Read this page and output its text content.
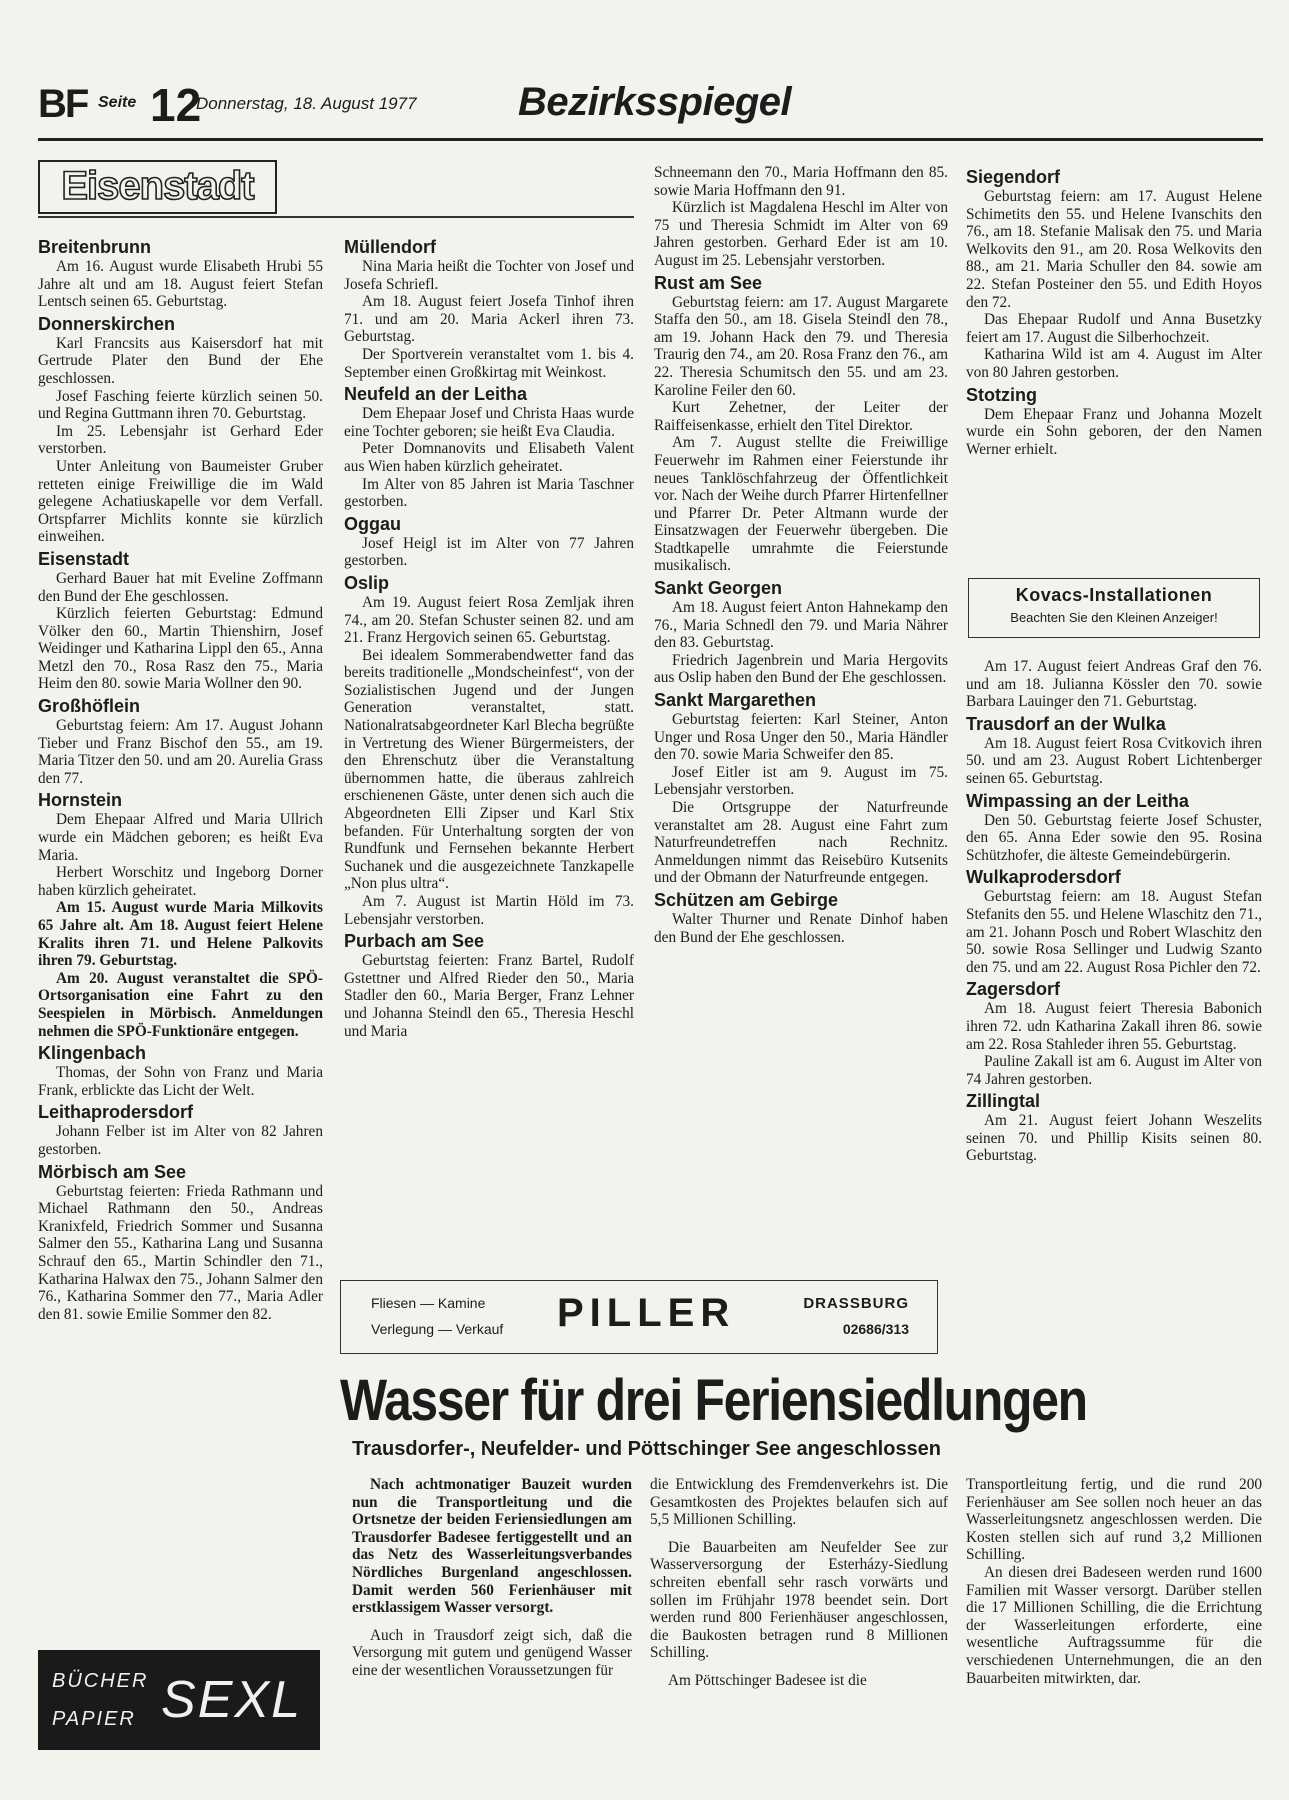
BF Seite 12
Donnerstag, 18. August 1977	Bezirksspiegel
Eisenstadt
Breitenbrunn

Am 16. August wurde Elisabeth Hrubi 55 Jahre alt und am 18. August feiert Stefan Lentsch seinen 65. Geburtstag.

Donnerskirchen

Karl Francsits aus Kaisersdorf hat mit Gertrude Plater den Bund der Ehe geschlossen.

Josef Fasching feierte kürzlich seinen 50. und Regina Guttmann ihren 70. Geburtstag.

Im 25. Lebensjahr ist Gerhard Eder verstorben.

Unter Anleitung von Baumeister Gruber retteten einige Freiwillige die im Wald gelegene Achatiuskapelle vor dem Verfall. Ortspfarrer Michlits konnte sie kürzlich einweihen.

Eisenstadt

Gerhard Bauer hat mit Eveline Zoffmann den Bund der Ehe geschlossen.

Kürzlich feierten Geburtstag: Edmund Völker den 60., Martin Thienshirn, Josef Weidinger und Katharina Lippl den 65., Anna Metzl den 70., Rosa Rasz den 75., Maria Heim den 80. sowie Maria Wollner den 90.

Großhöflein

Geburtstag feiern: Am 17. August Johann Tieber und Franz Bischof den 55., am 19. Maria Titzer den 50. und am 20. Aurelia Grass den 77.

Hornstein

Dem Ehepaar Alfred und Maria Ullrich wurde ein Mädchen geboren; es heißt Eva Maria.

Herbert Worschitz und Ingeborg Dorner haben kürzlich geheiratet.

Am 15. August wurde Maria Milkovits 65 Jahre alt. Am 18. August feiert Helene Kralits ihren 71. und Helene Palkovits ihren 79. Geburtstag.

Am 20. August veranstaltet die SPÖ-Ortsorganisation eine Fahrt zu den Seespielen in Mörbisch. Anmeldungen nehmen die SPÖ-Funktionäre entgegen.

Klingenbach

Thomas, der Sohn von Franz und Maria Frank, erblickte das Licht der Welt.

Leithaprodersdorf

Johann Felber ist im Alter von 82 Jahren gestorben.

Mörbisch am See

Geburtstag feierten: Frieda Rathmann und Michael Rathmann den 50., Andreas Kranixfeld, Friedrich Sommer und Susanna Salmer den 55., Katharina Lang und Susanna Schrauf den 65., Martin Schindler den 71., Katharina Halwax den 75., Johann Salmer den 76., Katharina Sommer den 77., Maria Adler den 81. sowie Emilie Sommer den 82.

Müllendorf

Nina Maria heißt die Tochter von Josef und Josefa Schriefl.

Am 18. August feiert Josefa Tinhof ihren 71. und am 20. Maria Ackerl ihren 73. Geburtstag.

Der Sportverein veranstaltet vom 1. bis 4. September einen Großkirtag mit Weinkost.

Neufeld an der Leitha

Dem Ehepaar Josef und Christa Haas wurde eine Tochter geboren; sie heißt Eva Claudia.

Peter Domnanovits und Elisabeth Valent aus Wien haben kürzlich geheiratet.

Im Alter von 85 Jahren ist Maria Taschner gestorben.

Oggau

Josef Heigl ist im Alter von 77 Jahren gestorben.

Oslip

Am 19. August feiert Rosa Zemljak ihren 74., am 20. Stefan Schuster seinen 82. und am 21. Franz Hergovich seinen 65. Geburtstag.

Bei idealem Sommerabendwetter fand das bereits traditionelle „Mondscheinfest“, von der Sozialistischen Jugend und der Jungen Generation veranstaltet, statt. Nationalratsabgeordneter Karl Blecha begrüßte in Vertretung des Wiener Bürgermeisters, der den Ehrenschutz über die Veranstaltung übernommen hatte, die überaus zahlreich erschienenen Gäste, unter denen sich auch die Abgeordneten Elli Zipser und Karl Stix befanden. Für Unterhaltung sorgten der von Rundfunk und Fernsehen bekannte Herbert Suchanek und die ausgezeichnete Tanzkapelle „Non plus ultra“.

Am 7. August ist Martin Höld im 73. Lebensjahr verstorben.

Purbach am See

Geburtstag feierten: Franz Bartel, Rudolf Gstettner und Alfred Rieder den 50., Maria Stadler den 60., Maria Berger, Franz Lehner und Johanna Steindl den 65., Theresia Heschl und Maria

Schneemann den 70., Maria Hoffmann den 85. sowie Maria Hoffmann den 91.

Kürzlich ist Magdalena Heschl im Alter von 75 und Theresia Schmidt im Alter von 69 Jahren gestorben. Gerhard Eder ist am 10. August im 25. Lebensjahr verstorben.

Rust am See

Geburtstag feiern: am 17. August Margarete Staffa den 50., am 18. Gisela Steindl den 78., am 19. Johann Hack den 79. und Theresia Traurig den 74., am 20. Rosa Franz den 76., am 22. Theresia Schumitsch den 55. und am 23. Karoline Feiler den 60.

Kurt Zehetner, der Leiter der Raiffeisenkasse, erhielt den Titel Direktor.

Am 7. August stellte die Freiwillige Feuerwehr im Rahmen einer Feierstunde ihr neues Tanklöschfahrzeug der Öffentlichkeit vor. Nach der Weihe durch Pfarrer Hirtenfellner und Pfarrer Dr. Peter Altmann wurde der Einsatzwagen der Feuerwehr übergeben. Die Stadtkapelle umrahmte die Feierstunde musikalisch.

Sankt Georgen

Am 18. August feiert Anton Hahnekamp den 76., Maria Schnedl den 79. und Maria Nährer den 83. Geburtstag.

Friedrich Jagenbrein und Maria Hergovits aus Oslip haben den Bund der Ehe geschlossen.

Sankt Margarethen

Geburtstag feierten: Karl Steiner, Anton Unger und Rosa Unger den 50., Maria Händler den 70. sowie Maria Schweifer den 85.

Josef Eitler ist am 9. August im 75. Lebensjahr verstorben.

Die Ortsgruppe der Naturfreunde veranstaltet am 28. August eine Fahrt zum Naturfreundetreffen nach Rechnitz. Anmeldungen nimmt das Reisebüro Kutsenits und der Obmann der Naturfreunde entgegen.

Schützen am Gebirge

Walter Thurner und Renate Dinhof haben den Bund der Ehe geschlossen.

Siegendorf

Geburtstag feiern: am 17. August Helene Schimetits den 55. und Helene Ivanschits den 76., am 18. Stefanie Malisak den 75. und Maria Welkovits den 91., am 20. Rosa Welkovits den 88., am 21. Maria Schuller den 84. sowie am 22. Stefan Posteiner den 55. und Edith Hoyos den 72.

Das Ehepaar Rudolf und Anna Busetzky feiert am 17. August die Silberhochzeit.

Katharina Wild ist am 4. August im Alter von 80 Jahren gestorben.

Stotzing

Dem Ehepaar Franz und Johanna Mozelt wurde ein Sohn geboren, der den Namen Werner erhielt.

Kovacs-Installationen
Beachten Sie den Kleinen Anzeiger!

Am 17. August feiert Andreas Graf den 76. und am 18. Julianna Kössler den 70. sowie Barbara Lauinger den 71. Geburtstag.

Trausdorf an der Wulka

Am 18. August feiert Rosa Cvitkovich ihren 50. und am 23. August Robert Lichtenberger seinen 65. Geburtstag.

Wimpassing an der Leitha

Den 50. Geburtstag feierte Josef Schuster, den 65. Anna Eder sowie den 95. Rosina Schützhofer, die älteste Gemeindebürgerin.

Wulkaprodersdorf

Geburtstag feiern: am 18. August Stefan Stefanits den 55. und Helene Wlaschitz den 71., am 21. Johann Posch und Robert Wlaschitz den 50. sowie Rosa Sellinger und Ludwig Szanto den 75. und am 22. August Rosa Pichler den 72.

Zagersdorf

Am 18. August feiert Theresia Babonich ihren 72. udn Katharina Zakall ihren 86. sowie am 22. Rosa Stahleder ihren 55. Geburtstag.

Pauline Zakall ist am 6. August im Alter von 74 Jahren gestorben.

Zillingtal

Am 21. August feiert Johann Weszelits seinen 70. und Phillip Kisits seinen 80. Geburtstag.

Fliesen — Kamine
Verlegung — Verkauf PILLER	DRASSBURG
02686/313
Wasser für drei Feriensiedlungen
Trausdorfer-, Neufelder- und Pöttschinger See angeschlossen

Nach achtmonatiger Bauzeit wurden nun die Transportleitung und die Ortsnetze der beiden Feriensiedlungen am Trausdorfer Badesee fertiggestellt und an das Netz des Wasserleitungsverbandes Nördliches Burgenland angeschlossen. Damit werden 560 Ferienhäuser mit erstklassigem Wasser versorgt.

Auch in Trausdorf zeigt sich, daß die Versorgung mit gutem und genügend Wasser eine der wesentlichen Voraussetzungen für

die Entwicklung des Fremdenverkehrs ist. Die Gesamtkosten des Projektes belaufen sich auf 5,5 Millionen Schilling.

Die Bauarbeiten am Neufelder See zur Wasserversorgung der Esterházy-Siedlung schreiten ebenfall sehr rasch vorwärts und sollen im Frühjahr 1978 beendet sein. Dort werden rund 800 Ferienhäuser angeschlossen, die Baukosten betragen rund 8 Millionen Schilling.

Am Pöttschinger Badesee ist die

Transportleitung fertig, und die rund 200 Ferienhäuser am See sollen noch heuer an das Wasserleitungsnetz angeschlossen werden. Die Kosten stellen sich auf rund 3,2 Millionen Schilling.

An diesen drei Badeseen werden rund 1600 Familien mit Wasser versorgt. Darüber stellen die 17 Millionen Schilling, die die Errichtung der Wasserleitungen erforderte, eine wesentliche Auftragssumme für die verschiedenen Unternehmungen, die an den Bauarbeiten mitwirkten, dar.

BÜCHER
PAPIER SEXL
